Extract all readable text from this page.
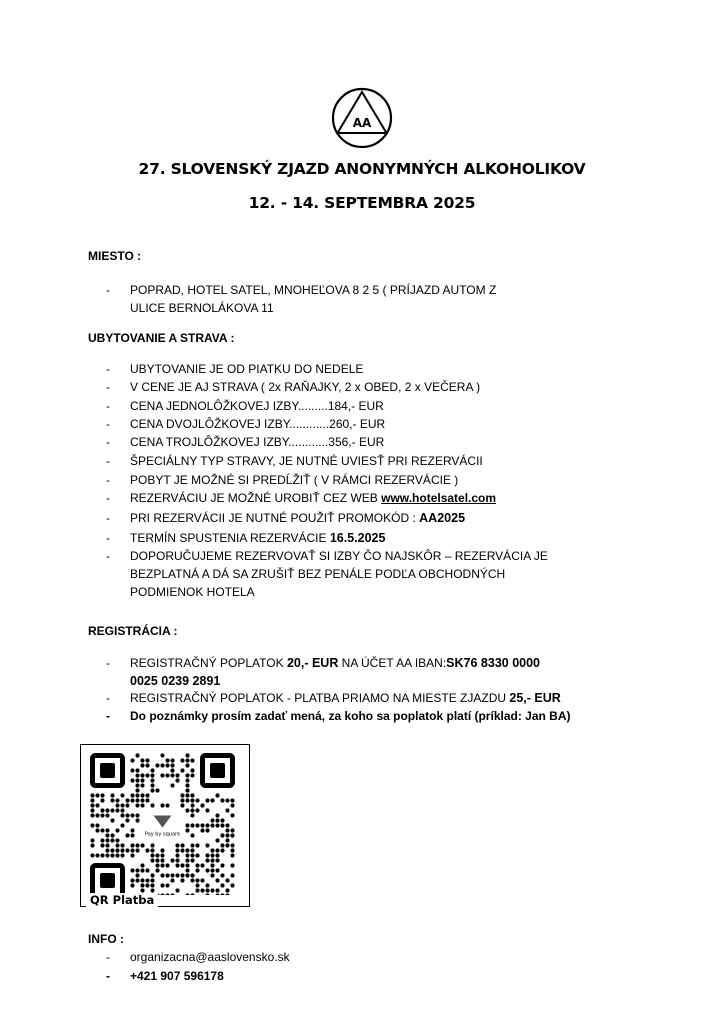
AA
27. SLOVENSKÝ ZJAZD ANONYMNÝCH ALKOHOLIKOV
12. - 14. SEPTEMBRA 2025
MIESTO :
- POPRAD, HOTEL SATEL, MNOHEĽOVA 8 2 5 ( PRÍJAZD AUTOM Z
ULICE BERNOLÁKOVA 11
UBYTOVANIE A STRAVA :
- UBYTOVANIE JE OD PIATKU DO NEDELE
- V CENE JE AJ STRAVA ( 2x RAŇAJKY, 2 x OBED, 2 x VEČERA )
- CENA JEDNOLÔŽKOVEJ IZBY.........184,- EUR
- CENA DVOJLÔŽKOVEJ IZBY............260,- EUR
- CENA TROJLÔŽKOVEJ IZBY............356,- EUR
- ŠPECIÁLNY TYP STRAVY, JE NUTNÉ UVIESŤ PRI REZERVÁCII
- POBYT JE MOŽNÉ SI PREDĹŽIŤ ( V RÁMCI REZERVÁCIE )
- REZERVÁCIU JE MOŽNÉ UROBIŤ CEZ WEB www.hotelsatel.com
- PRI REZERVÁCII JE NUTNÉ POUŽIŤ PROMOKÓD : AA2025
- TERMÍN SPUSTENIA REZERVÁCIE 16.5.2025
- DOPORUČUJEME REZERVOVAŤ SI IZBY ČO NAJSKÔR – REZERVÁCIA JE
BEZPLATNÁ A DÁ SA ZRUŠIŤ BEZ PENÁLE PODĽA OBCHODNÝCH
PODMIENOK HOTELA
REGISTRÁCIA :
- REGISTRAČNÝ POPLATOK 20,- EUR NA ÚČET AA IBAN:SK76 8330 0000
0025 0239 2891
- REGISTRAČNÝ POPLATOK - PLATBA PRIAMO NA MIESTE ZJAZDU 25,- EUR
- Do poznámky prosím zadať mená, za koho sa poplatok platí (príklad: Jan BA)
Pay by square
QR Platba
INFO :
- organizacna@aaslovensko.sk
- +421 907 596178
